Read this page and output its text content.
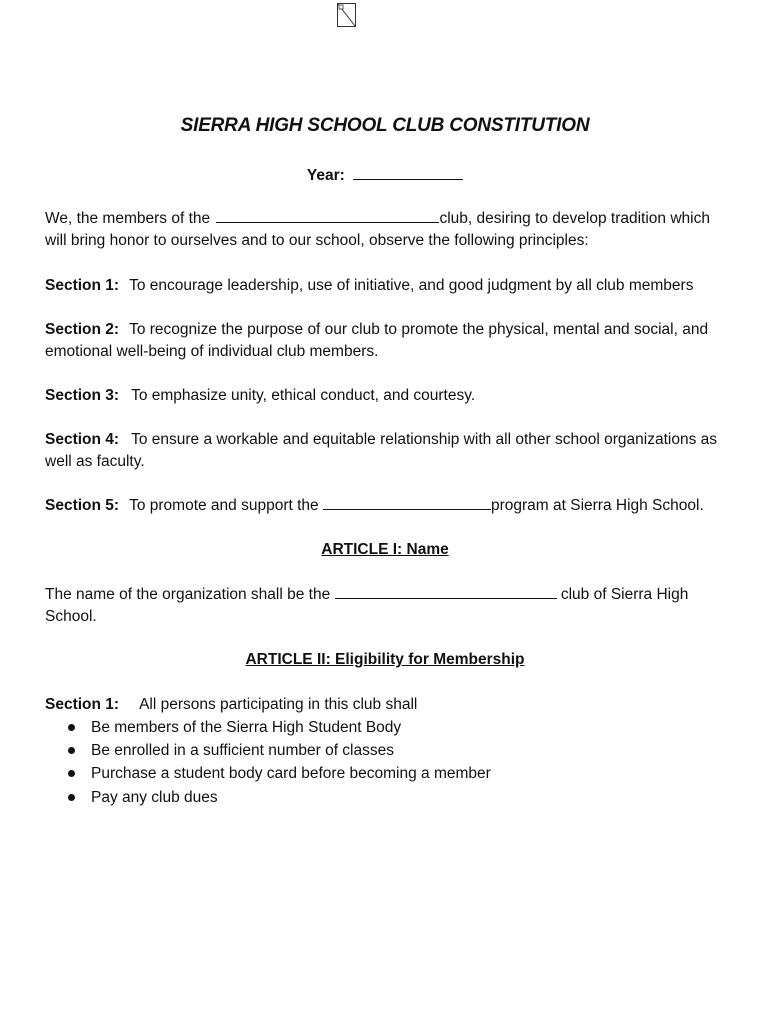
SIERRA HIGH SCHOOL CLUB CONSTITUTION
Year:
We, the members of the	club, desiring to develop tradition which will bring honor to ourselves and to our school, observe the following principles:
Section 1: To encourage leadership, use of initiative, and good judgment by all club members
Section 2: To recognize the purpose of our club to promote the physical, mental and social, and emotional well-being of individual club members.
Section 3: To emphasize unity, ethical conduct, and courtesy.
Section 4: To ensure a workable and equitable relationship with all other school organizations as well as faculty.
Section 5: To promote and support the	program at Sierra High School.
ARTICLE I: Name
The name of the organization shall be the	club of Sierra High School.
ARTICLE II: Eligibility for Membership
Section 1: All persons participating in this club shall
Be members of the Sierra High Student Body
Be enrolled in a sufficient number of classes
Purchase a student body card before becoming a member
Pay any club dues
